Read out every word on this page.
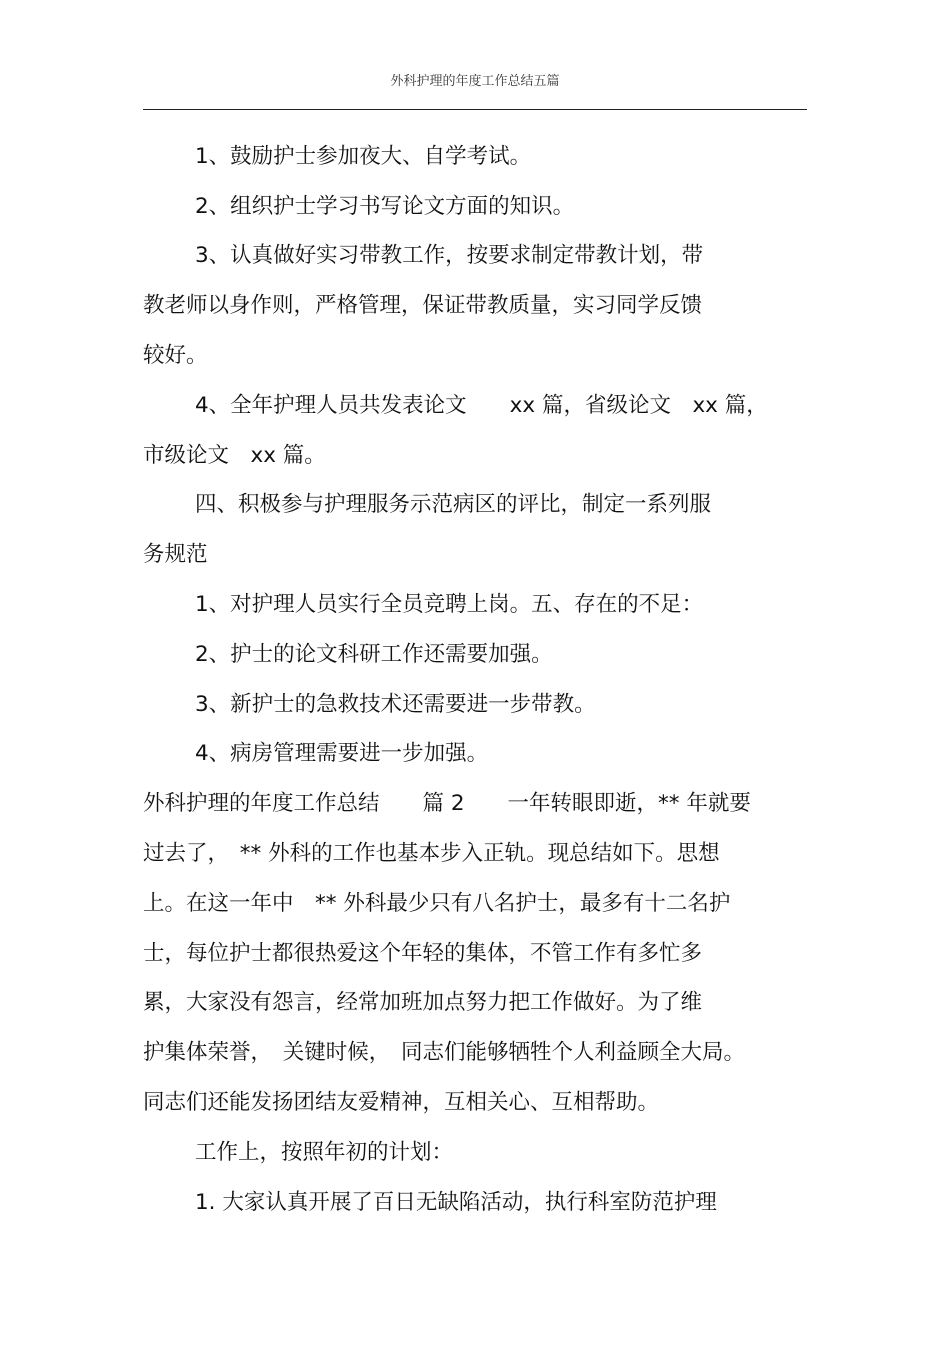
外科护理的年度工作总结五篇
1、鼓励护士参加夜大、自学考试。
2、组织护士学习书写论文方面的知识。
3、认真做好实习带教工作，按要求制定带教计划，带
教老师以身作则，严格管理，保证带教质量，实习同学反馈
较好。
4、全年护理人员共发表论文　　xx 篇，省级论文　xx 篇，
市级论文　xx 篇。
四、积极参与护理服务示范病区的评比，制定一系列服
务规范
1、对护理人员实行全员竞聘上岗。五、存在的不足：
2、护士的论文科研工作还需要加强。
3、新护士的急救技术还需要进一步带教。
4、病房管理需要进一步加强。
外科护理的年度工作总结　　篇 2　　一年转眼即逝，** 年就要
过去了，　** 外科的工作也基本步入正轨。现总结如下。思想
上。在这一年中　** 外科最少只有八名护士，最多有十二名护
士，每位护士都很热爱这个年轻的集体，不管工作有多忙多
累，大家没有怨言，经常加班加点努力把工作做好。为了维
护集体荣誉，　关键时候，　同志们能够牺牲个人利益顾全大局。
同志们还能发扬团结友爱精神，互相关心、互相帮助。
工作上，按照年初的计划：
1. 大家认真开展了百日无缺陷活动，执行科室防范护理
